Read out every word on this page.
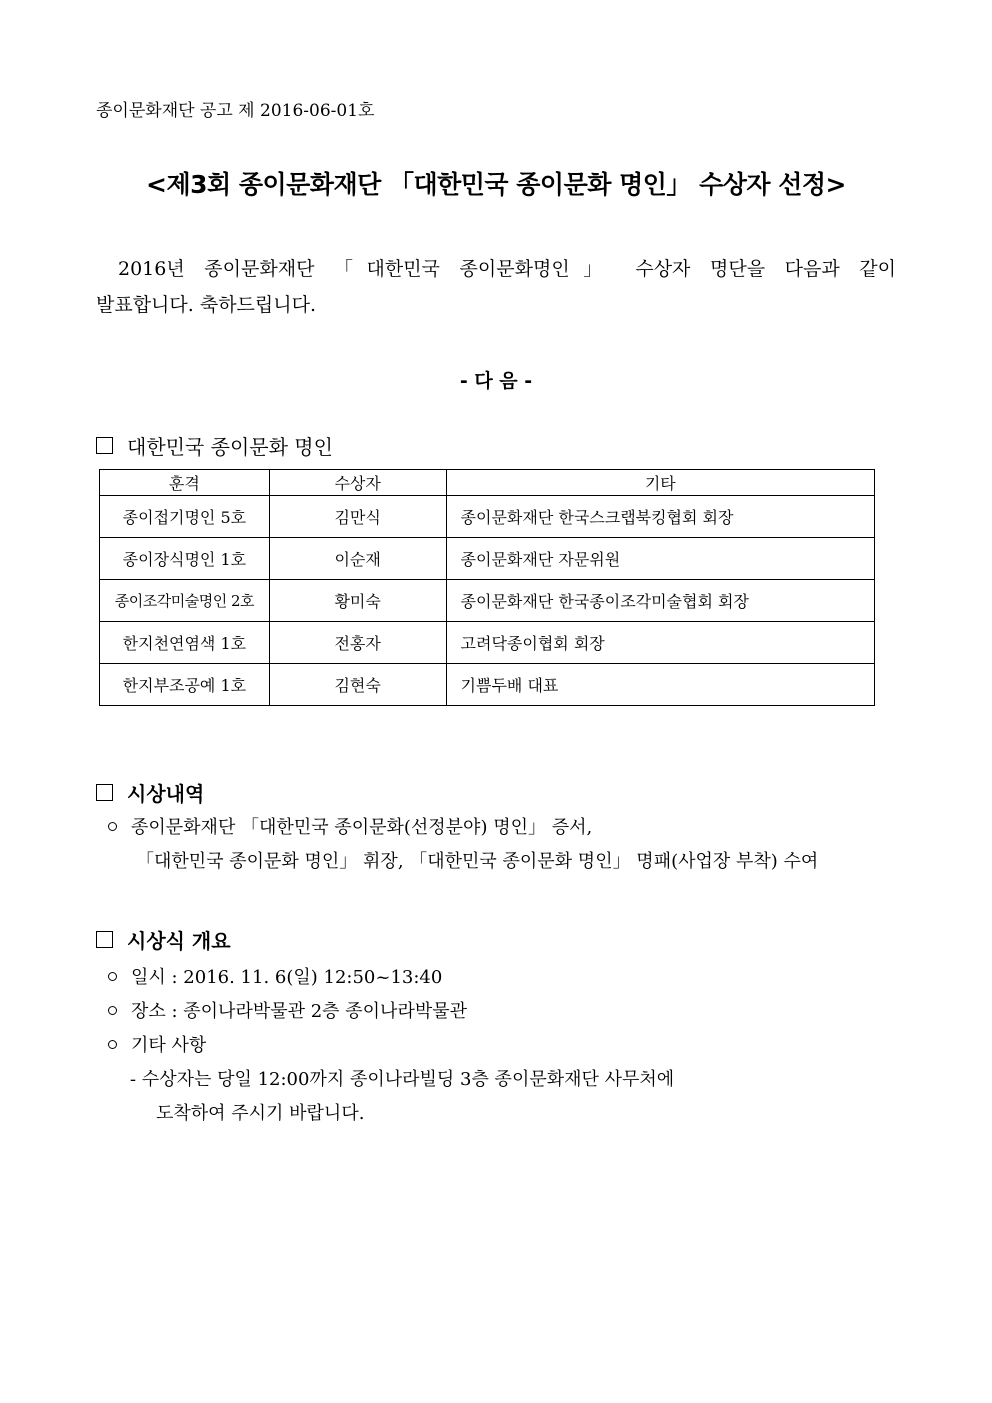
종이문화재단 공고 제 2016-06-01호
<제3회 종이문화재단 「대한민국 종이문화 명인」 수상자 선정>

2016년 종이문화재단 「대한민국 종이문화명인」 수상자 명단을 다음과 같이

발표합니다. 축하드립니다.

- 다 음 -
대한민국 종이문화 명인
훈격	수상자	기타
종이접기명인 5호	김만식	종이문화재단 한국스크랩북킹협회 회장
종이장식명인 1호	이순재	종이문화재단 자문위원
종이조각미술명인 2호	황미숙	종이문화재단 한국종이조각미술협회 회장
한지천연염색 1호	전홍자	고려닥종이협회 회장
한지부조공예 1호	김현숙	기쁨두배 대표
시상내역
종이문화재단 「대한민국 종이문화(선정분야) 명인」 증서,
「대한민국 종이문화 명인」 휘장, 「대한민국 종이문화 명인」 명패(사업장 부착) 수여
시상식 개요
일시 : 2016. 11. 6(일) 12:50~13:40
장소 : 종이나라박물관 2층 종이나라박물관
기타 사항
- 수상자는 당일 12:00까지 종이나라빌딩 3층 종이문화재단 사무처에
도착하여 주시기 바랍니다.
